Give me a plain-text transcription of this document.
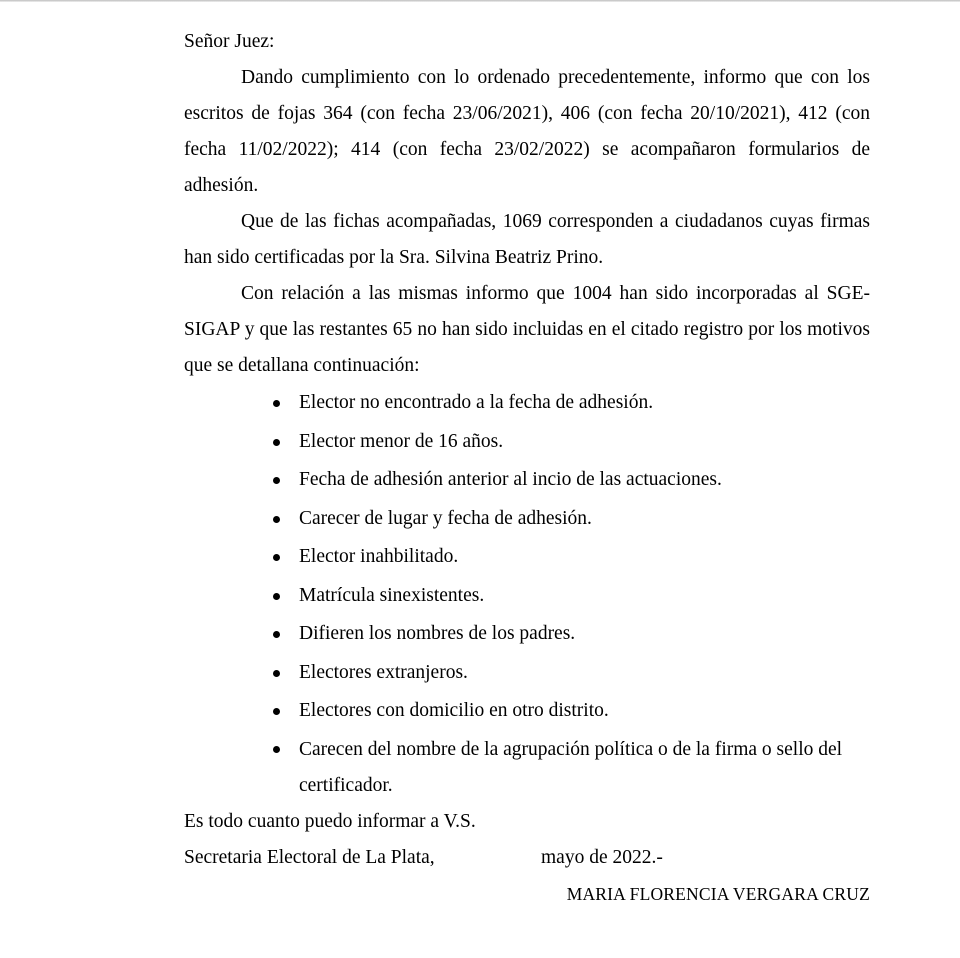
Señor Juez:

Dando cumplimiento con lo ordenado precedentemente, informo que con los escritos de fojas 364 (con fecha 23/06/2021), 406 (con fecha 20/10/2021), 412 (con fecha 11/02/2022); 414 (con fecha 23/02/2022) se acompañaron formularios de adhesión.

Que de las fichas acompañadas, 1069 corresponden a ciudadanos cuyas firmas han sido certificadas por la Sra. Silvina Beatriz Prino.

Con relación a las mismas informo que 1004 han sido incorporadas al SGE-SIGAP y que las restantes 65 no han sido incluidas en el citado registro por los motivos que se detallana continuación:

Elector no encontrado a la fecha de adhesión.
Elector menor de 16 años.
Fecha de adhesión anterior al incio de las actuaciones.
Carecer de lugar y fecha de adhesión.
Elector inahbilitado.
Matrícula sinexistentes.
Difieren los nombres de los padres.
Electores extranjeros.
Electores con domicilio en otro distrito.
Carecen del nombre de la agrupación política o de la firma o sello del certificador.

Es todo cuanto puedo informar a V.S.

Secretaria Electoral de La Plata,	mayo de 2022.-

MARIA FLORENCIA VERGARA CRUZ
